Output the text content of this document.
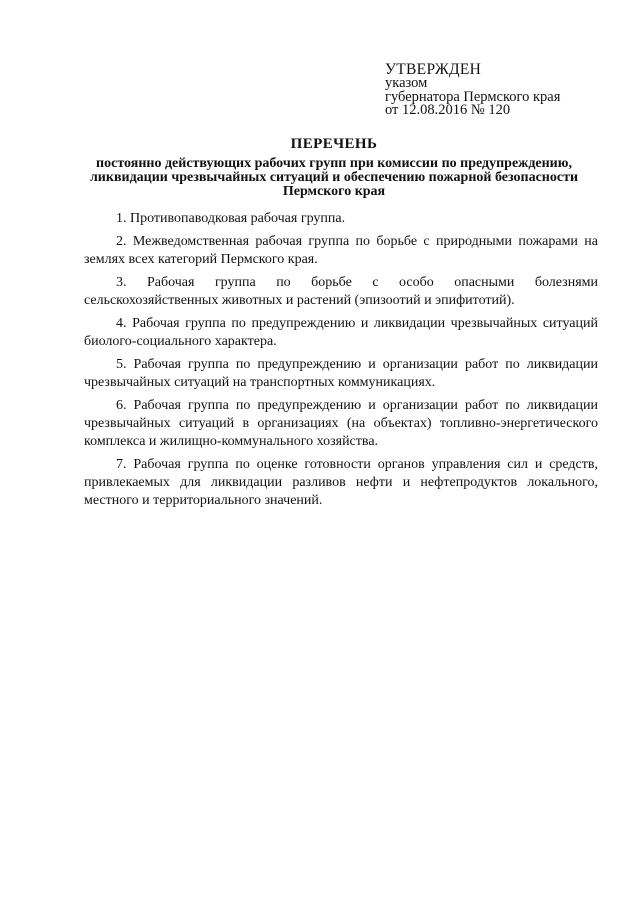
УТВЕРЖДЕН
указом
губернатора Пермского края
от 12.08.2016 № 120
ПЕРЕЧЕНЬ
постоянно действующих рабочих групп при комиссии по предупреждению, ликвидации чрезвычайных ситуаций и обеспечению пожарной безопасности Пермского края

1. Противопаводковая рабочая группа.

2. Межведомственная рабочая группа по борьбе с природными пожарами на землях всех категорий Пермского края.

3. Рабочая группа по борьбе с особо опасными болезнями сельскохозяйственных животных и растений (эпизоотий и эпифитотий).

4. Рабочая группа по предупреждению и ликвидации чрезвычайных ситуаций биолого-социального характера.

5. Рабочая группа по предупреждению и организации работ по ликвидации чрезвычайных ситуаций на транспортных коммуникациях.

6. Рабочая группа по предупреждению и организации работ по ликвидации чрезвычайных ситуаций в организациях (на объектах) топливно-энергетического комплекса и жилищно-коммунального хозяйства.

7. Рабочая группа по оценке готовности органов управления сил и средств, привлекаемых для ликвидации разливов нефти и нефтепродуктов локального, местного и территориального значений.
